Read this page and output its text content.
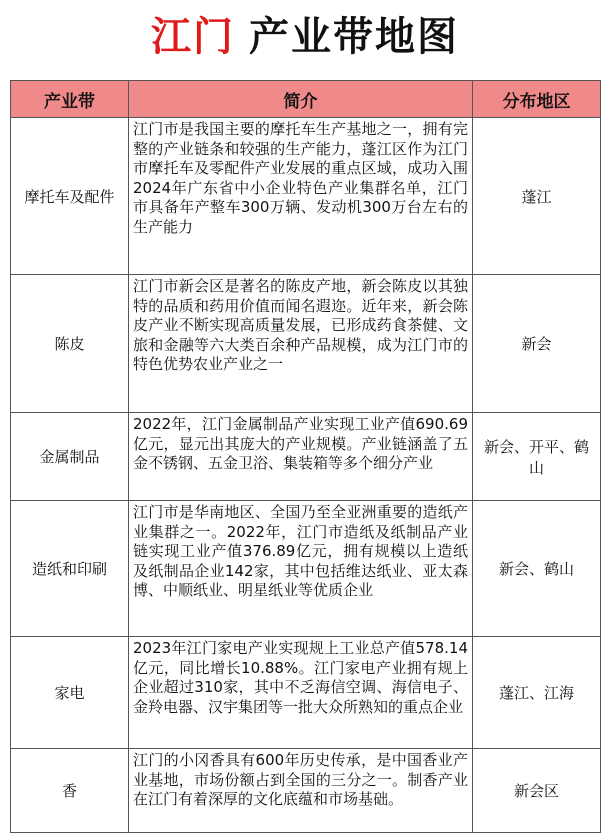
江门 产业带地图
产业带	简介	分布地区
摩托车及配件	江门市是我国主要的摩托车生产基地之一，拥有完整的产业链条和较强的生产能力，蓬江区作为江门市摩托车及零配件产业发展的重点区域，成功入围2024年广东省中小企业特色产业集群名单，江门市具备年产整车300万辆、发动机300万台左右的生产能力	蓬江
陈皮	江门市新会区是著名的陈皮产地，新会陈皮以其独特的品质和药用价值而闻名遐迩。近年来，新会陈皮产业不断实现高质量发展，已形成药食茶健、文旅和金融等六大类百余种产品规模，成为江门市的特色优势农业产业之一	新会
金属制品	2022年，江门金属制品产业实现工业产值690.69亿元，显元出其庞大的产业规模。产业链涵盖了五金不锈钢、五金卫浴、集装箱等多个细分产业	新会、开平、鹤山
造纸和印刷	江门市是华南地区、全国乃至全亚洲重要的造纸产业集群之一。2022年，江门市造纸及纸制品产业链实现工业产值376.89亿元，拥有规模以上造纸及纸制品企业142家，其中包括维达纸业、亚太森博、中顺纸业、明星纸业等优质企业	新会、鹤山
家电	2023年江门家电产业实现规上工业总产值578.14亿元，同比增长10.88%。江门家电产业拥有规上企业超过310家，其中不乏海信空调、海信电子、金羚电器、汉宇集团等一批大众所熟知的重点企业	蓬江、江海
香	江门的小冈香具有600年历史传承，是中国香业产业基地，市场份额占到全国的三分之一。制香产业在江门有着深厚的文化底蕴和市场基础。	新会区
